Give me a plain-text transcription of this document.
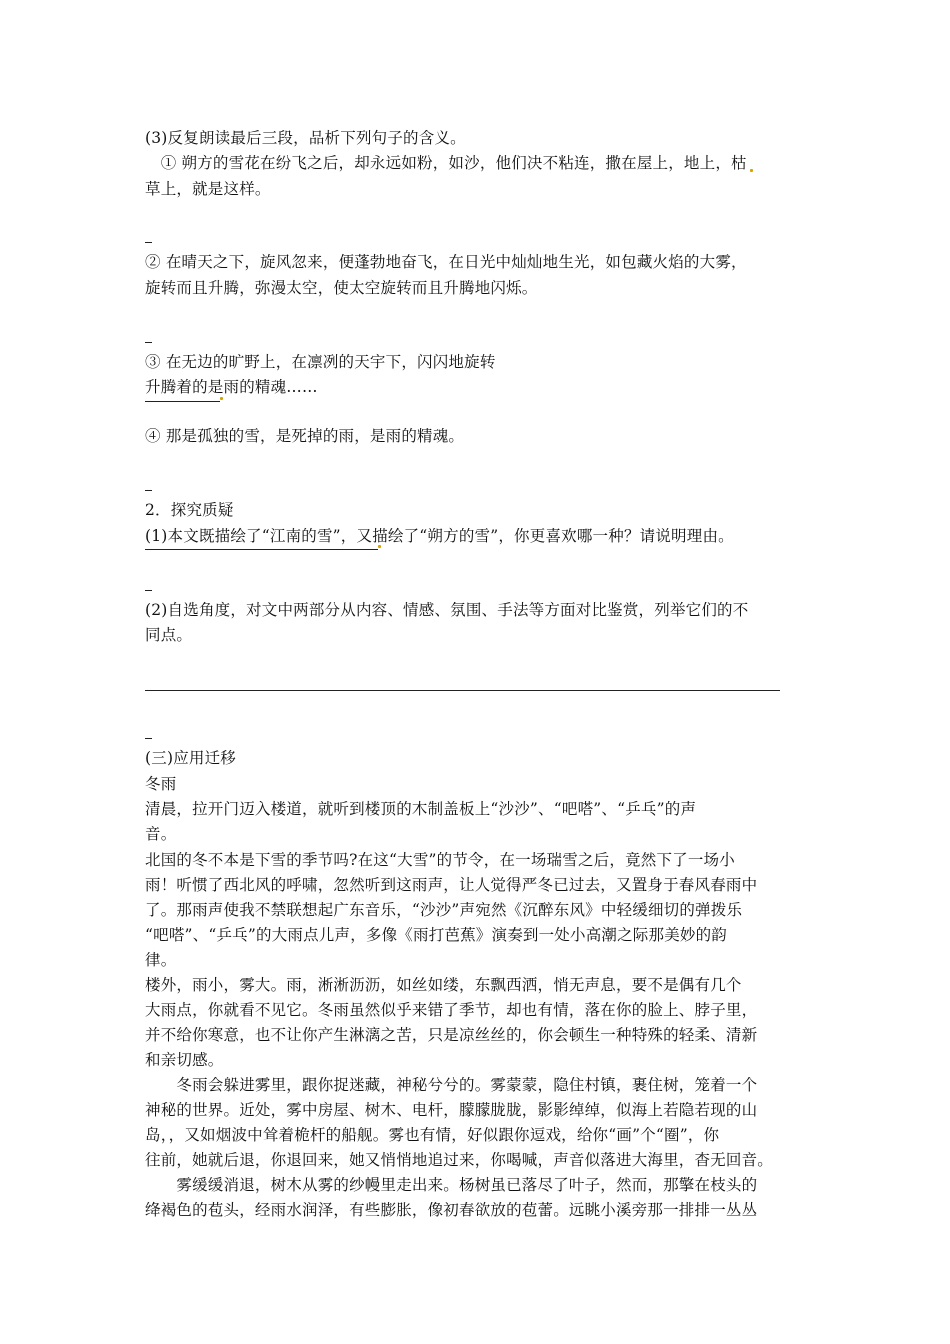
(3)反复朗读最后三段，品析下列句子的含义。
　① 朔方的雪花在纷飞之后，却永远如粉，如沙，他们决不粘连，撒在屋上，地上，枯
草上，就是这样。
② 在晴天之下，旋风忽来，便蓬勃地奋飞，在日光中灿灿地生光，如包藏火焰的大雾，
旋转而且升腾，弥漫太空，使太空旋转而且升腾地闪烁。
③ 在无边的旷野上，在凛冽的天宇下，闪闪地旋转
升腾着的是雨的精魂……
④ 那是孤独的雪，是死掉的雨，是雨的精魂。
2．探究质疑
(1)本文既描绘了“江南的雪”，又描绘了“朔方的雪”，你更喜欢哪一种？请说明理由。
(2)自选角度，对文中两部分从内容、情感、氛围、手法等方面对比鉴赏，列举它们的不
同点。
(三)应用迁移
冬雨
清晨，拉开门迈入楼道，就听到楼顶的木制盖板上“沙沙”、“吧嗒”、“乒乓”的声
音。
北国的冬不本是下雪的季节吗?在这“大雪”的节令，在一场瑞雪之后，竟然下了一场小
雨！听惯了西北风的呼啸，忽然听到这雨声，让人觉得严冬已过去，又置身于春风春雨中
了。那雨声使我不禁联想起广东音乐，“沙沙”声宛然《沉醉东风》中轻缓细切的弹拨乐
“吧嗒”、“乒乓”的大雨点儿声，多像《雨打芭蕉》演奏到一处小高潮之际那美妙的韵
律。
楼外，雨小，雾大。雨，淅淅沥沥，如丝如缕，东飘西洒，悄无声息，要不是偶有几个
大雨点，你就看不见它。冬雨虽然似乎来错了季节，却也有情，落在你的脸上、脖子里，
并不给你寒意，也不让你产生淋漓之苦，只是凉丝丝的，你会顿生一种特殊的轻柔、清新
和亲切感。
　　冬雨会躲进雾里，跟你捉迷藏，神秘兮兮的。雾蒙蒙，隐住村镇，裹住树，笼着一个
神秘的世界。近处，雾中房屋、树木、电杆，朦朦胧胧，影影绰绰，似海上若隐若现的山
岛，，又如烟波中耸着桅杆的船舰。雾也有情，好似跟你逗戏，给你“画”个“圈”，你
往前，她就后退，你退回来，她又悄悄地追过来，你喝喊，声音似落进大海里，杳无回音。
　　雾缓缓消退，树木从雾的纱幔里走出来。杨树虽已落尽了叶子，然而，那擎在枝头的
绛褐色的苞头，经雨水润泽，有些膨胀，像初春欲放的苞蕾。远眺小溪旁那一排排一丛丛
